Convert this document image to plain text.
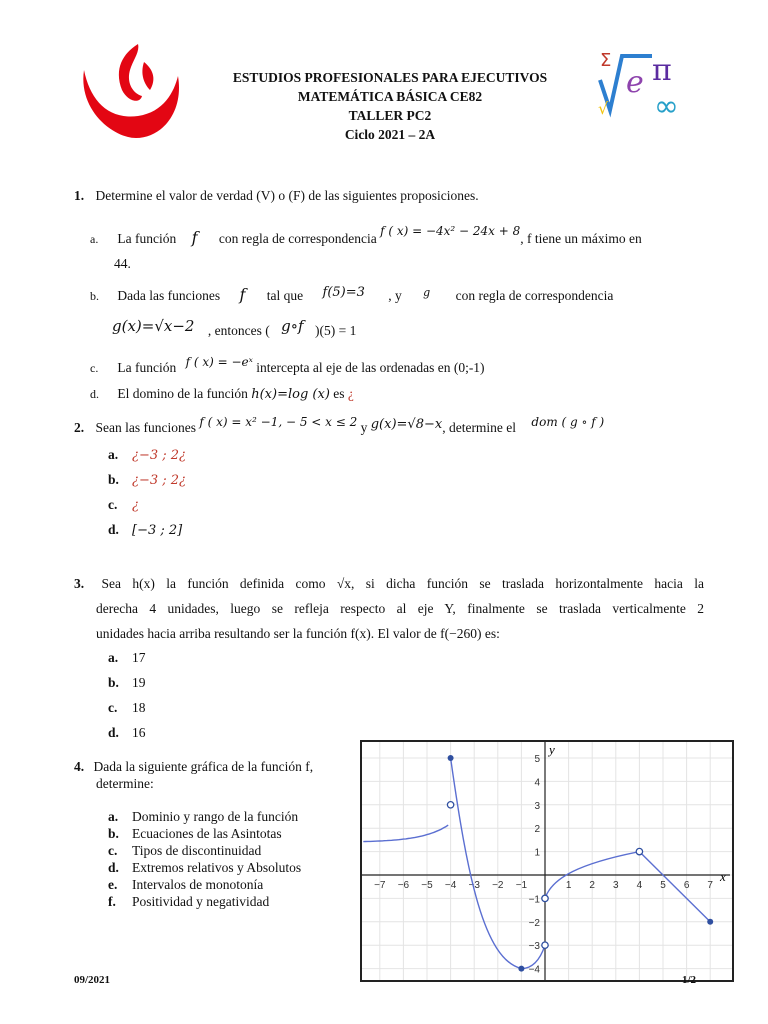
e π
∞
Σ
√
ESTUDIOS PROFESIONALES PARA EJECUTIVOS
MATEMÁTICA BÁSICA CE82
TALLER PC2
Ciclo 2021 – 2A
1. Determine el valor de verdad (V) o (F) de las siguientes proposiciones.
a. La función f con regla de correspondencia f ( x) = −4x² − 24x + 8, f tiene un máximo en
44.
b. Dada las funciones f tal que f(5)=3 , y $^g$ con regla de correspondencia
g(x)=√x−2 , entonces ( g∘f )(5) = 1
c. La función f ( x) = −eˣ intercepta al eje de las ordenadas en (0;-1)
d. El domino de la función h(x)=log (x) es ¿
2. Sean las funciones f ( x) = x² −1, − 5 < x ≤ 2 y g(x)=√8−x, determine el dom ( g ∘ f )
a. ¿−3 ; 2¿
b. ¿−3 ; 2¿
c. ¿
d. [−3 ; 2]
3. Sea h(x) la función definida como √x, si dicha función se traslada horizontalmente hacia la
derecha 4 unidades, luego se refleja respecto al eje Y, finalmente se traslada verticalmente 2
unidades hacia arriba resultando ser la función f(x). El valor de f(−260) es:
a. 17
b. 19
c. 18
d. 16
4. Dada la siguiente gráfica de la función f,
determine:
a. Dominio y rango de la función
b. Ecuaciones de las Asintotas
c. Tipos de discontinuidad
d. Extremos relativos y Absolutos
e. Intervalos de monotonía
f. Positividad y negatividad
−7 −6 −5 −4 −3 −2 −1	1 2 3 4 5 6 7
5
4
3
2
1
−1
−2
−3
−4
x
y
09/2021	1/2
